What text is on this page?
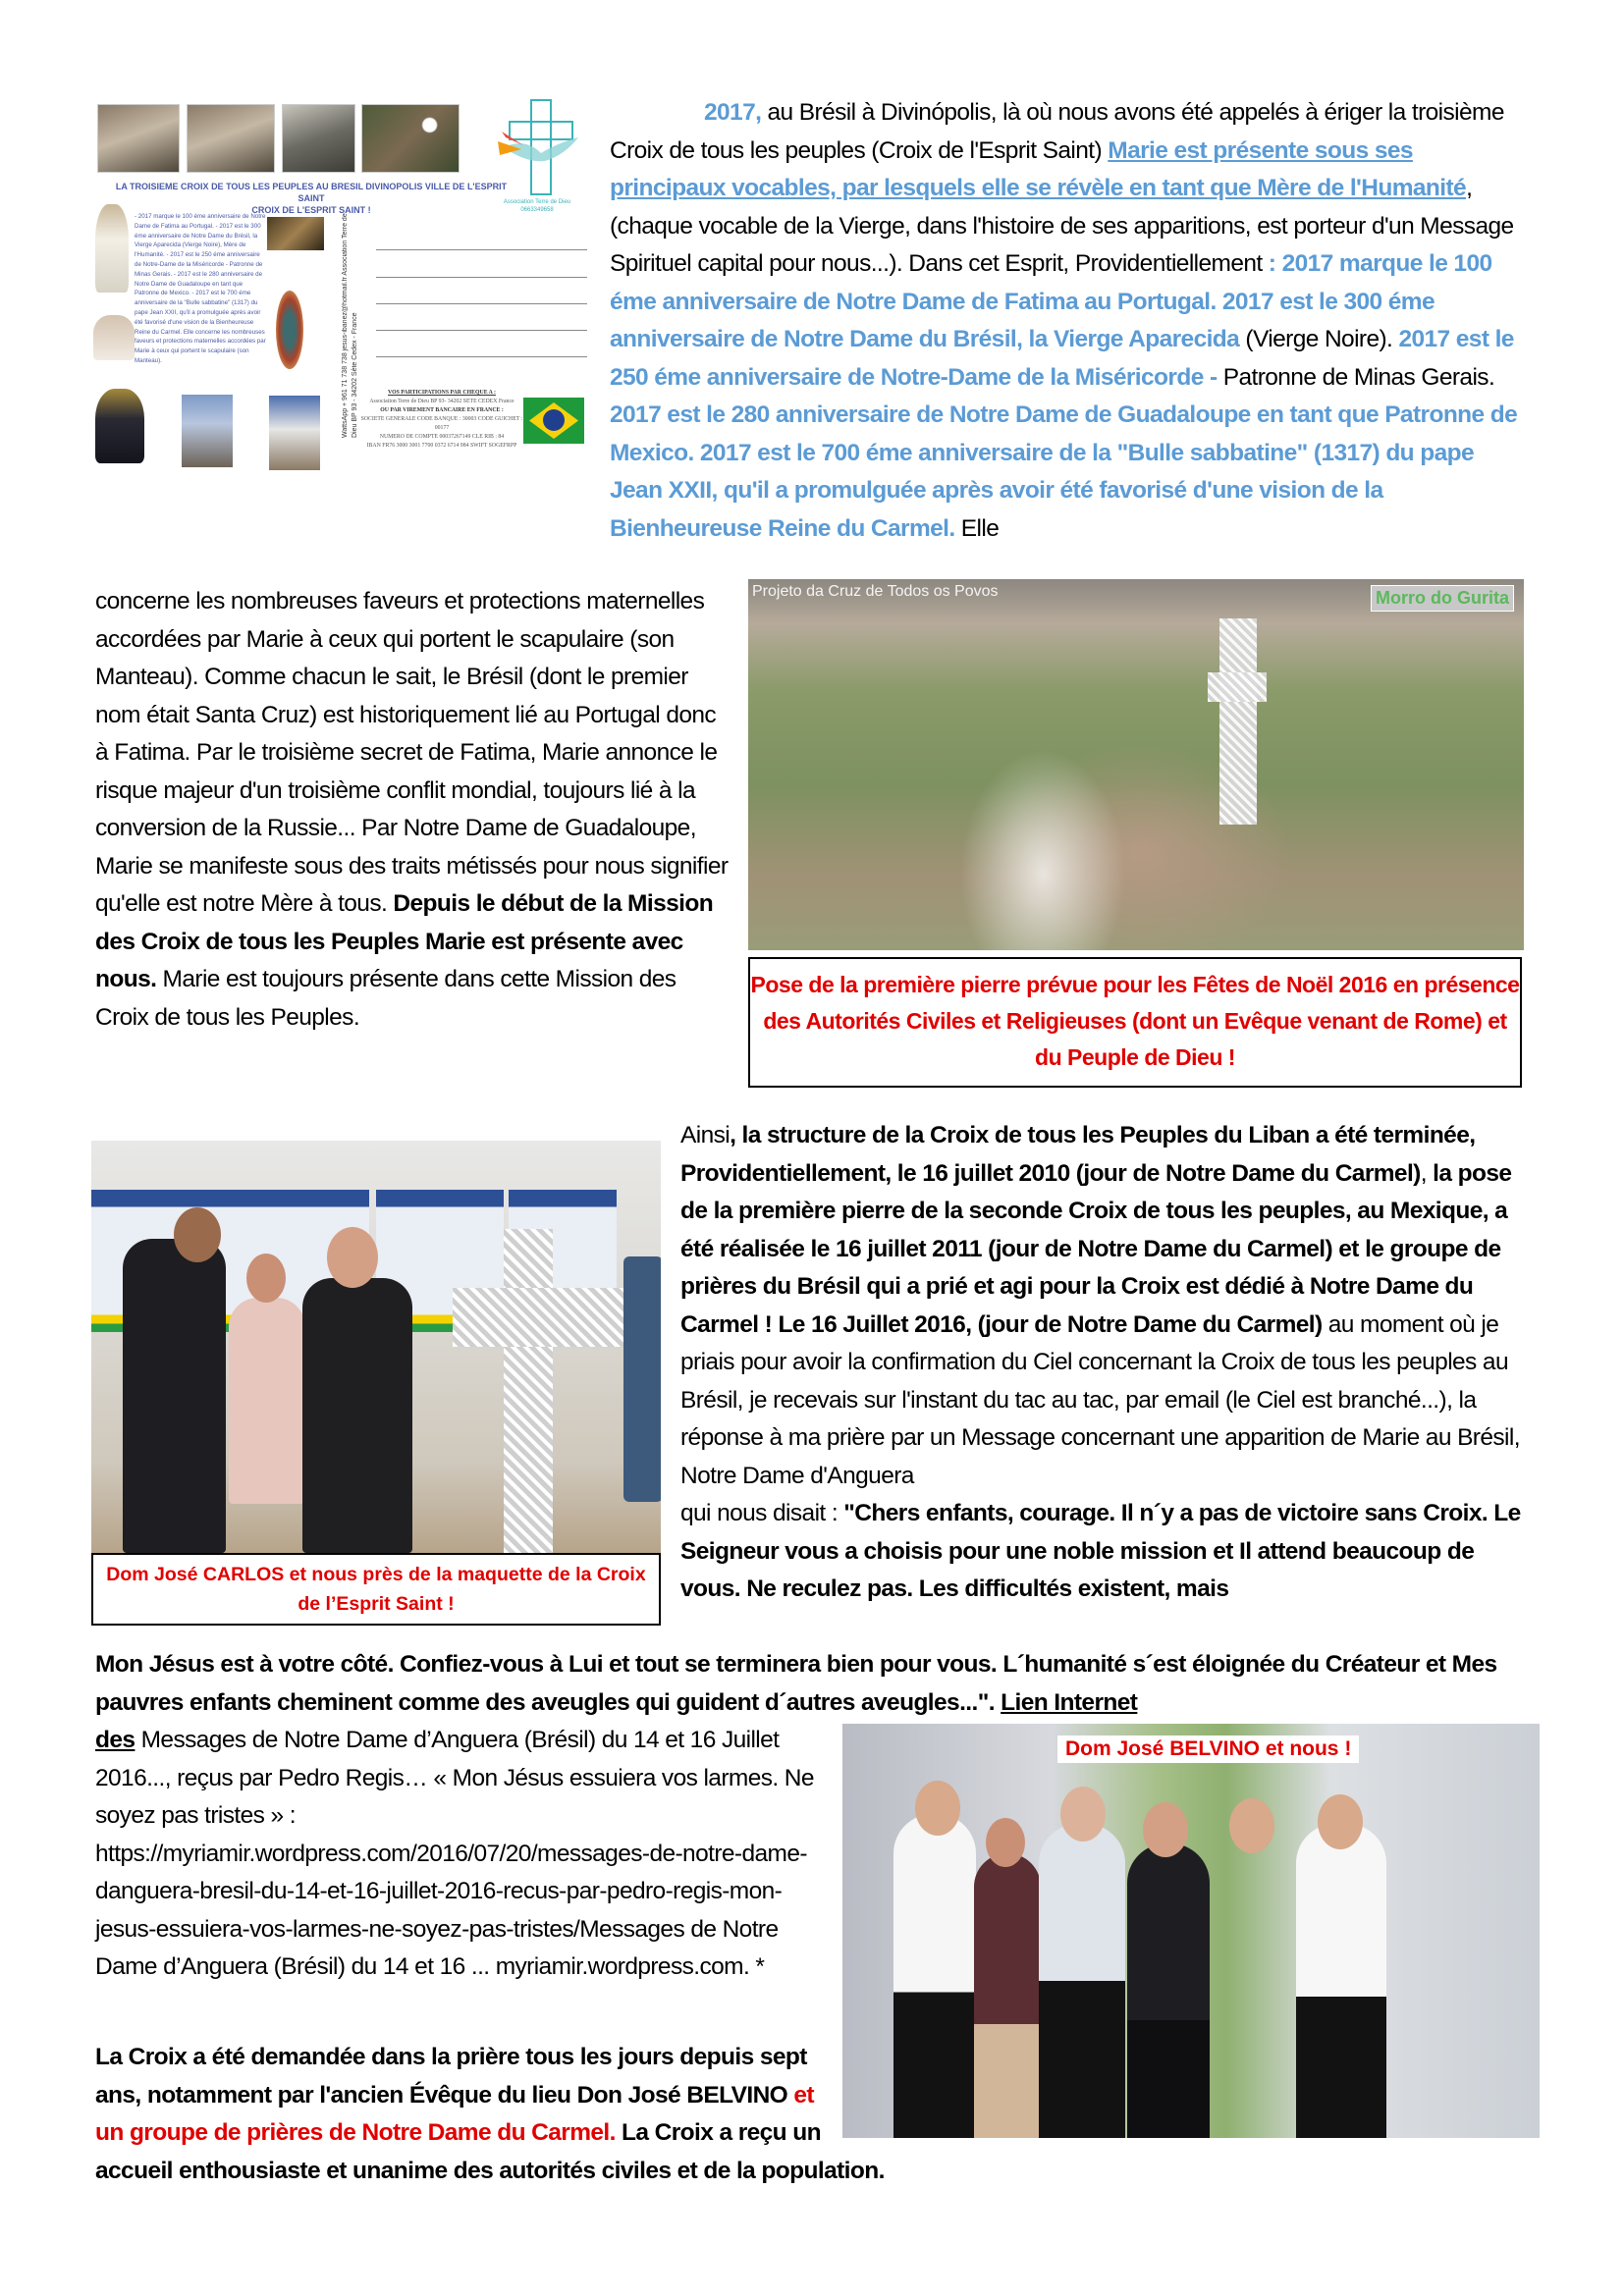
Association Terre de Dieu
0663349658
LA TROISIEME CROIX DE TOUS LES PEUPLES AU BRESIL DIVINOPOLIS VILLE DE L'ESPRIT SAINT
CROIX DE L'ESPRIT SAINT !
- 2017 marque le 100 éme anniversaire de Notre Dame de Fatima au Portugal. - 2017 est le 300 éme anniversaire de Notre Dame du Brésil, la Vierge Aparecida (Vierge Noire), Mère de l'Humanité. - 2017 est le 250 éme anniversaire de Notre-Dame de la Miséricorde - Patronne de Minas Gerais. - 2017 est le 280 anniversaire de Notre Dame de Guadaloupe en tant que Patronne de Mexico. - 2017 est le 700 éme anniversaire de la "Bulle sabbatine" (1317) du pape Jean XXII, qu'il a promulguée après avoir été favorisé d'une vision de la Bienheureuse Reine du Carmel. Elle concerne les nombreuses faveurs et protections maternelles accordées par Marie à ceux qui portent le scapulaire (son Manteau).	WattsApp + 961 71 738 738 jesus-ibanez@hotmail.fr Association Terre de Dieu BP 93 - 34202 Sète Cedex - France	VOS PARTICIPATIONS PAR CHEQUE A :
Association Terre de Dieu BP 93- 34202 SETE CEDEX France
OU PAR VIREMENT BANCAIRE EN FRANCE :
SOCIETE GENERALE CODE BANQUE : 30003 CODE GUICHET : 00177
NUMERO DE COMPTE 00037267149 CLE RIB : 84
IBAN FR76 3000 3001 7700 0372 6714 984 SWIFT SOGEFRPP
2017, au Brésil à Divinópolis, là où nous avons été appelés à ériger la troisième Croix de tous les peuples (Croix de l'Esprit Saint) Marie est présente sous ses principaux vocables, par lesquels elle se révèle en tant que Mère de l'Humanité, (chaque vocable de la Vierge, dans l'histoire de ses apparitions, est porteur d'un Message Spirituel capital pour nous...). Dans cet Esprit, Providentiellement : 2017 marque le 100 éme anniversaire de Notre Dame de Fatima au Portugal. 2017 est le 300 éme anniversaire de Notre Dame du Brésil, la Vierge Aparecida (Vierge Noire). 2017 est le 250 éme anniversaire de Notre-Dame de la Miséricorde - Patronne de Minas Gerais. 2017 est le 280 anniversaire de Notre Dame de Guadaloupe en tant que Patronne de Mexico. 2017 est le 700 éme anniversaire de la "Bulle sabbatine" (1317) du pape Jean XXII, qu'il a promulguée après avoir été favorisé d'une vision de la Bienheureuse Reine du Carmel. Elle
concerne les nombreuses faveurs et protections maternelles accordées par Marie à ceux qui portent le scapulaire (son Manteau). Comme chacun le sait, le Brésil (dont le premier nom était Santa Cruz) est historiquement lié au Portugal donc à Fatima. Par le troisième secret de Fatima, Marie annonce le risque majeur d'un troisième conflit mondial, toujours lié à la conversion de la Russie... Par Notre Dame de Guadaloupe, Marie se manifeste sous des traits métissés pour nous signifier qu'elle est notre Mère à tous. Depuis le début de la Mission des Croix de tous les Peuples Marie est présente avec nous. Marie est toujours présente dans cette Mission des Croix de tous les Peuples.
Projeto da Cruz de Todos os Povos	Morro do Gurita
Pose de la première pierre prévue pour les Fêtes de Noël 2016 en présence des Autorités Civiles et Religieuses (dont un Evêque venant de Rome) et du Peuple de Dieu !
Dom José CARLOS et nous près de la maquette de la Croix de l’Esprit Saint !
Ainsi, la structure de la Croix de tous les Peuples du Liban a été terminée, Providentiellement, le 16 juillet 2010 (jour de Notre Dame du Carmel), la pose de la première pierre de la seconde Croix de tous les peuples, au Mexique, a été réalisée le 16 juillet 2011 (jour de Notre Dame du Carmel) et le groupe de prières du Brésil qui a prié et agi pour la Croix est dédié à Notre Dame du Carmel ! Le 16 Juillet 2016, (jour de Notre Dame du Carmel) au moment où je priais pour avoir la confirmation du Ciel concernant la Croix de tous les peuples au Brésil, je recevais sur l'instant du tac au tac, par email (le Ciel est branché...), la réponse à ma prière par un Message concernant une apparition de Marie au Brésil, Notre Dame d'Anguera
qui nous disait : "Chers enfants, courage. Il n´y a pas de victoire sans Croix. Le Seigneur vous a choisis pour une noble mission et Il attend beaucoup de vous. Ne reculez pas. Les difficultés existent, mais
Mon Jésus est à votre côté. Confiez-vous à Lui et tout se terminera bien pour vous. L´humanité s´est éloignée du Créateur et Mes pauvres enfants cheminent comme des aveugles qui guident d´autres aveugles...". Lien Internet
des Messages de Notre Dame d’Anguera (Brésil) du 14 et 16 Juillet 2016..., reçus par Pedro Regis… « Mon Jésus essuiera vos larmes. Ne soyez pas tristes » : https://myriamir.wordpress.com/2016/07/20/messages-de-notre-dame-danguera-bresil-du-14-et-16-juillet-2016-recus-par-pedro-regis-mon-jesus-essuiera-vos-larmes-ne-soyez-pas-tristes/Messages de Notre Dame d’Anguera (Brésil) du 14 et 16 ... myriamir.wordpress.com. *
Dom José BELVINO et nous !
La Croix a été demandée dans la prière tous les jours depuis sept ans, notamment par l'ancien Évêque du lieu Don José BELVINO et un groupe de prières de Notre Dame du Carmel. La Croix a reçu un accueil enthousiaste et unanime des autorités civiles et de la population.
